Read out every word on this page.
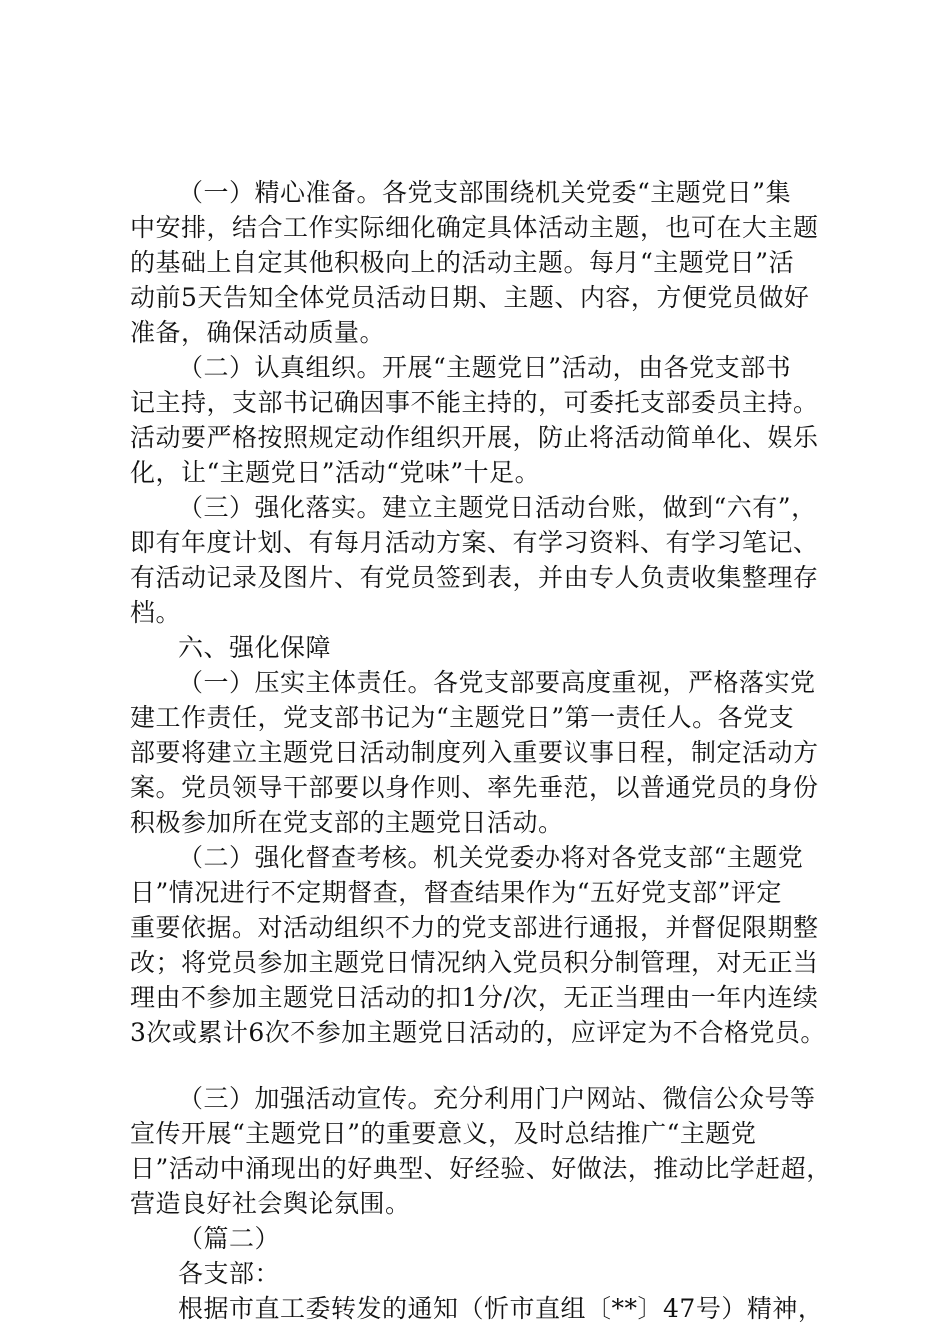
（一）精心准备。各党支部围绕机关党委“主题党日”集
中安排，结合工作实际细化确定具体活动主题，也可在大主题
的基础上自定其他积极向上的活动主题。每月“主题党日”活
动前5天告知全体党员活动日期、主题、内容，方便党员做好
准备，确保活动质量。
（二）认真组织。开展“主题党日”活动，由各党支部书
记主持，支部书记确因事不能主持的，可委托支部委员主持。
活动要严格按照规定动作组织开展，防止将活动简单化、娱乐
化，让“主题党日”活动“党味”十足。
（三）强化落实。建立主题党日活动台账，做到“六有”，
即有年度计划、有每月活动方案、有学习资料、有学习笔记、
有活动记录及图片、有党员签到表，并由专人负责收集整理存
档。
六、强化保障
（一）压实主体责任。各党支部要高度重视，严格落实党
建工作责任，党支部书记为“主题党日”第一责任人。各党支
部要将建立主题党日活动制度列入重要议事日程，制定活动方
案。党员领导干部要以身作则、率先垂范，以普通党员的身份
积极参加所在党支部的主题党日活动。
（二）强化督查考核。机关党委办将对各党支部“主题党
日”情况进行不定期督查，督查结果作为“五好党支部”评定
重要依据。对活动组织不力的党支部进行通报，并督促限期整
改；将党员参加主题党日情况纳入党员积分制管理，对无正当
理由不参加主题党日活动的扣1分/次，无正当理由一年内连续
3次或累计6次不参加主题党日活动的，应评定为不合格党员。
（三）加强活动宣传。充分利用门户网站、微信公众号等
宣传开展“主题党日”的重要意义，及时总结推广“主题党
日”活动中涌现出的好典型、好经验、好做法，推动比学赶超，
营造良好社会舆论氛围。
（篇二）
各支部：
根据市直工委转发的通知（忻市直组〔**〕47号）精神，
